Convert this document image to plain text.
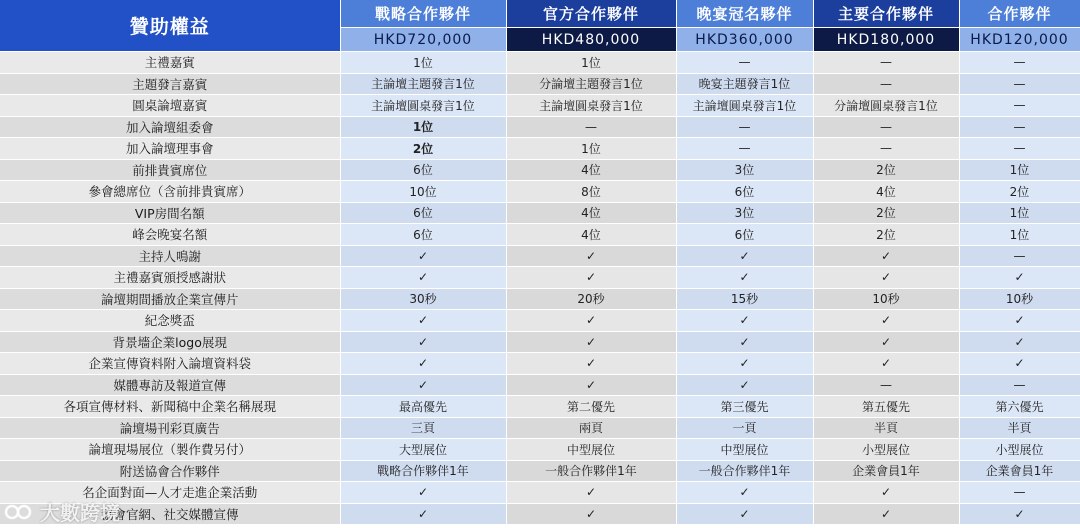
贊助權益	戰略合作夥伴	官方合作夥伴	晚宴冠名夥伴	主要合作夥伴	合作夥伴
	HKD720,000	HKD480,000	HKD360,000	HKD180,000	HKD120,000
主禮嘉賓	1位	1位	—	—	—
主題發言嘉賓	主論壇主題發言1位	分論壇主題發言1位	晚宴主題發言1位	—	—
圓桌論壇嘉賓	主論壇圓桌發言1位	主論壇圓桌發言1位	主論壇圓桌發言1位	分論壇圓桌發言1位	—
加入論壇組委會	1位	—	—	—	—
加入論壇理事會	2位	1位	—	—	—
前排貴賓席位	6位	4位	3位	2位	1位
參會總席位（含前排貴賓席）	10位	8位	6位	4位	2位
VIP房間名額	6位	4位	3位	2位	1位
峰会晚宴名額	6位	4位	6位	2位	1位
主持人鳴謝	✓	✓	✓	✓	—
主禮嘉賓頒授感謝狀	✓	✓	✓	✓	✓
論壇期間播放企業宣傳片	30秒	20秒	15秒	10秒	10秒
紀念獎盃	✓	✓	✓	✓	✓
背景墻企業logo展現	✓	✓	✓	✓	✓
企業宣傳資料附入論壇資料袋	✓	✓	✓	✓	✓
媒體專訪及報道宣傳	✓	✓	✓	—	—
各項宣傳材料、新聞稿中企業名稱展現	最高優先	第二優先	第三優先	第五優先	第六優先
論壇場刊彩頁廣告	三頁	兩頁	一頁	半頁	半頁
論壇現場展位（製作費另付）	大型展位	中型展位	中型展位	小型展位	小型展位
附送協會合作夥伴	戰略合作夥伴1年	一般合作夥伴1年	一般合作夥伴1年	企業會員1年	企業會員1年
名企面對面—人才走進企業活動	✓	✓	✓	✓	—
協會官網、社交媒體宣傳	✓	✓	✓	✓	✓
大數跨境
